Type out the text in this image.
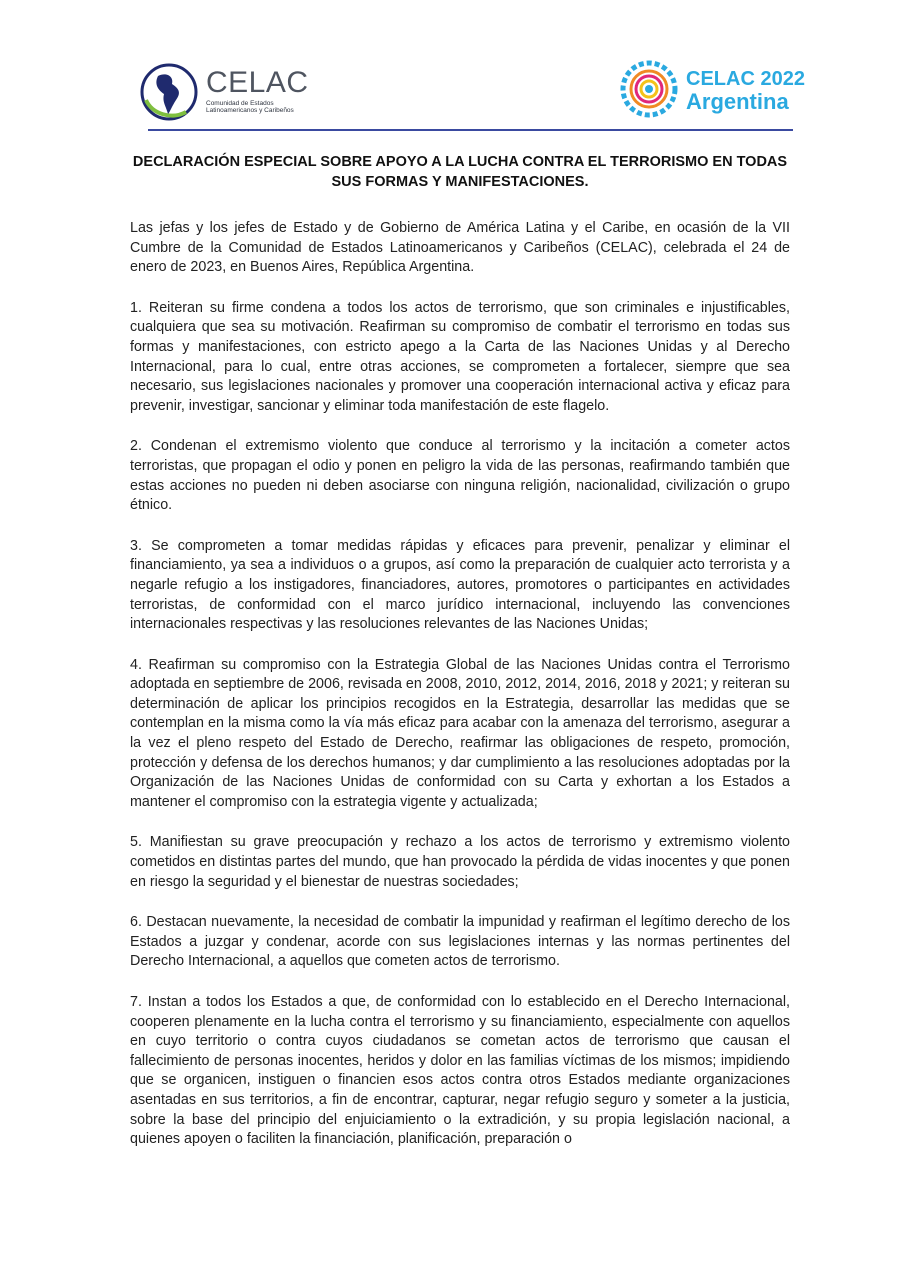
CELAC
Comunidad de Estados Latinoamericanos y Caribeños
CELAC 2022
Argentina
DECLARACIÓN ESPECIAL SOBRE APOYO A LA LUCHA CONTRA EL TERRORISMO EN TODAS SUS FORMAS Y MANIFESTACIONES.

Las jefas y los jefes de Estado y de Gobierno de América Latina y el Caribe, en ocasión de la VII Cumbre de la Comunidad de Estados Latinoamericanos y Caribeños (CELAC), celebrada el 24 de enero de 2023, en Buenos Aires, República Argentina.

1. Reiteran su firme condena a todos los actos de terrorismo, que son criminales e injustificables, cualquiera que sea su motivación. Reafirman su compromiso de combatir el terrorismo en todas sus formas y manifestaciones, con estricto apego a la Carta de las Naciones Unidas y al Derecho Internacional, para lo cual, entre otras acciones, se comprometen a fortalecer, siempre que sea necesario, sus legislaciones nacionales y promover una cooperación internacional activa y eficaz para prevenir, investigar, sancionar y eliminar toda manifestación de este flagelo.

2. Condenan el extremismo violento que conduce al terrorismo y la incitación a cometer actos terroristas, que propagan el odio y ponen en peligro la vida de las personas, reafirmando también que estas acciones no pueden ni deben asociarse con ninguna religión, nacionalidad, civilización o grupo étnico.

3. Se comprometen a tomar medidas rápidas y eficaces para prevenir, penalizar y eliminar el financiamiento, ya sea a individuos o a grupos, así como la preparación de cualquier acto terrorista y a negarle refugio a los instigadores, financiadores, autores, promotores o participantes en actividades terroristas, de conformidad con el marco jurídico internacional, incluyendo las convenciones internacionales respectivas y las resoluciones relevantes de las Naciones Unidas;

4. Reafirman su compromiso con la Estrategia Global de las Naciones Unidas contra el Terrorismo adoptada en septiembre de 2006, revisada en 2008, 2010, 2012, 2014, 2016, 2018 y 2021; y reiteran su determinación de aplicar los principios recogidos en la Estrategia, desarrollar las medidas que se contemplan en la misma como la vía más eficaz para acabar con la amenaza del terrorismo, asegurar a la vez el pleno respeto del Estado de Derecho, reafirmar las obligaciones de respeto, promoción, protección y defensa de los derechos humanos; y dar cumplimiento a las resoluciones adoptadas por la Organización de las Naciones Unidas de conformidad con su Carta y exhortan a los Estados a mantener el compromiso con la estrategia vigente y actualizada;

5. Manifiestan su grave preocupación y rechazo a los actos de terrorismo y extremismo violento cometidos en distintas partes del mundo, que han provocado la pérdida de vidas inocentes y que ponen en riesgo la seguridad y el bienestar de nuestras sociedades;

6. Destacan nuevamente, la necesidad de combatir la impunidad y reafirman el legítimo derecho de los Estados a juzgar y condenar, acorde con sus legislaciones internas y las normas pertinentes del Derecho Internacional, a aquellos que cometen actos de terrorismo.

7. Instan a todos los Estados a que, de conformidad con lo establecido en el Derecho Internacional, cooperen plenamente en la lucha contra el terrorismo y su financiamiento, especialmente con aquellos en cuyo territorio o contra cuyos ciudadanos se cometan actos de terrorismo que causan el fallecimiento de personas inocentes, heridos y dolor en las familias víctimas de los mismos; impidiendo que se organicen, instiguen o financien esos actos contra otros Estados mediante organizaciones asentadas en sus territorios, a fin de encontrar, capturar, negar refugio seguro y someter a la justicia, sobre la base del principio del enjuiciamiento o la extradición, y su propia legislación nacional, a quienes apoyen o faciliten la financiación, planificación, preparación o
